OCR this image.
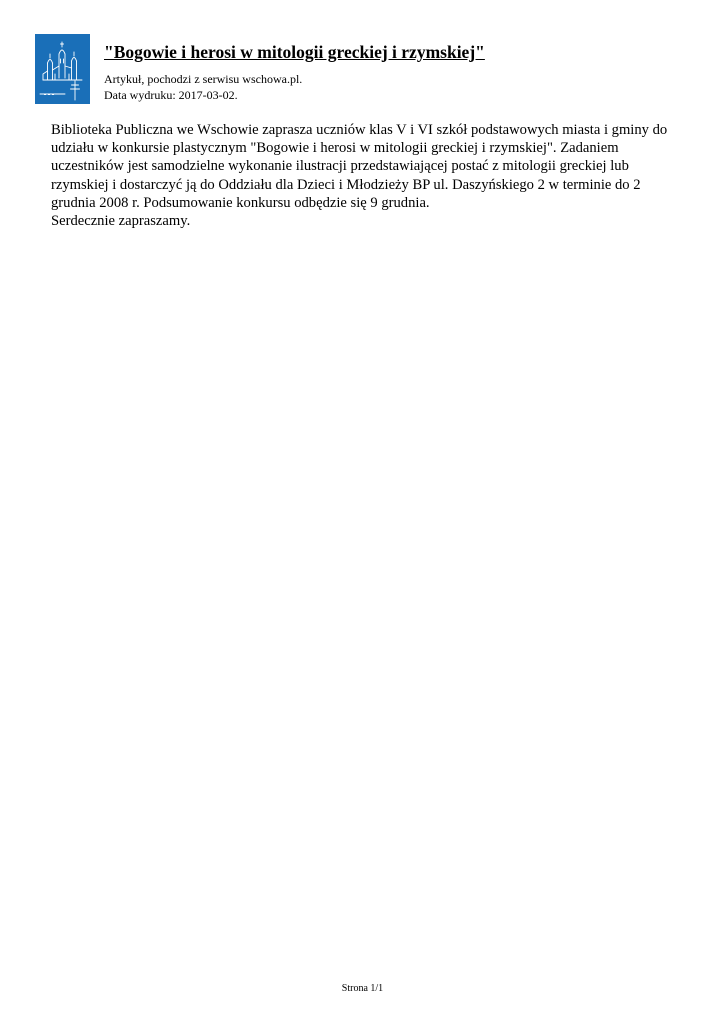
"Bogowie i herosi w mitologii greckiej i rzymskiej"
Artykuł, pochodzi z serwisu wschowa.pl.
Data wydruku: 2017-03-02.

Biblioteka Publiczna we Wschowie zaprasza uczniów klas V i VI szkół podstawowych miasta i gminy do udziału w konkursie plastycznym "Bogowie i herosi w mitologii greckiej i rzymskiej". Zadaniem uczestników jest samodzielne wykonanie ilustracji przedstawiającej postać z mitologii greckiej lub rzymskiej i dostarczyć ją do Oddziału dla Dzieci i Młodzieży BP ul. Daszyńskiego 2 w terminie do 2 grudnia 2008 r. Podsumowanie konkursu odbędzie się 9 grudnia.

Serdecznie zapraszamy.

Strona 1/1
